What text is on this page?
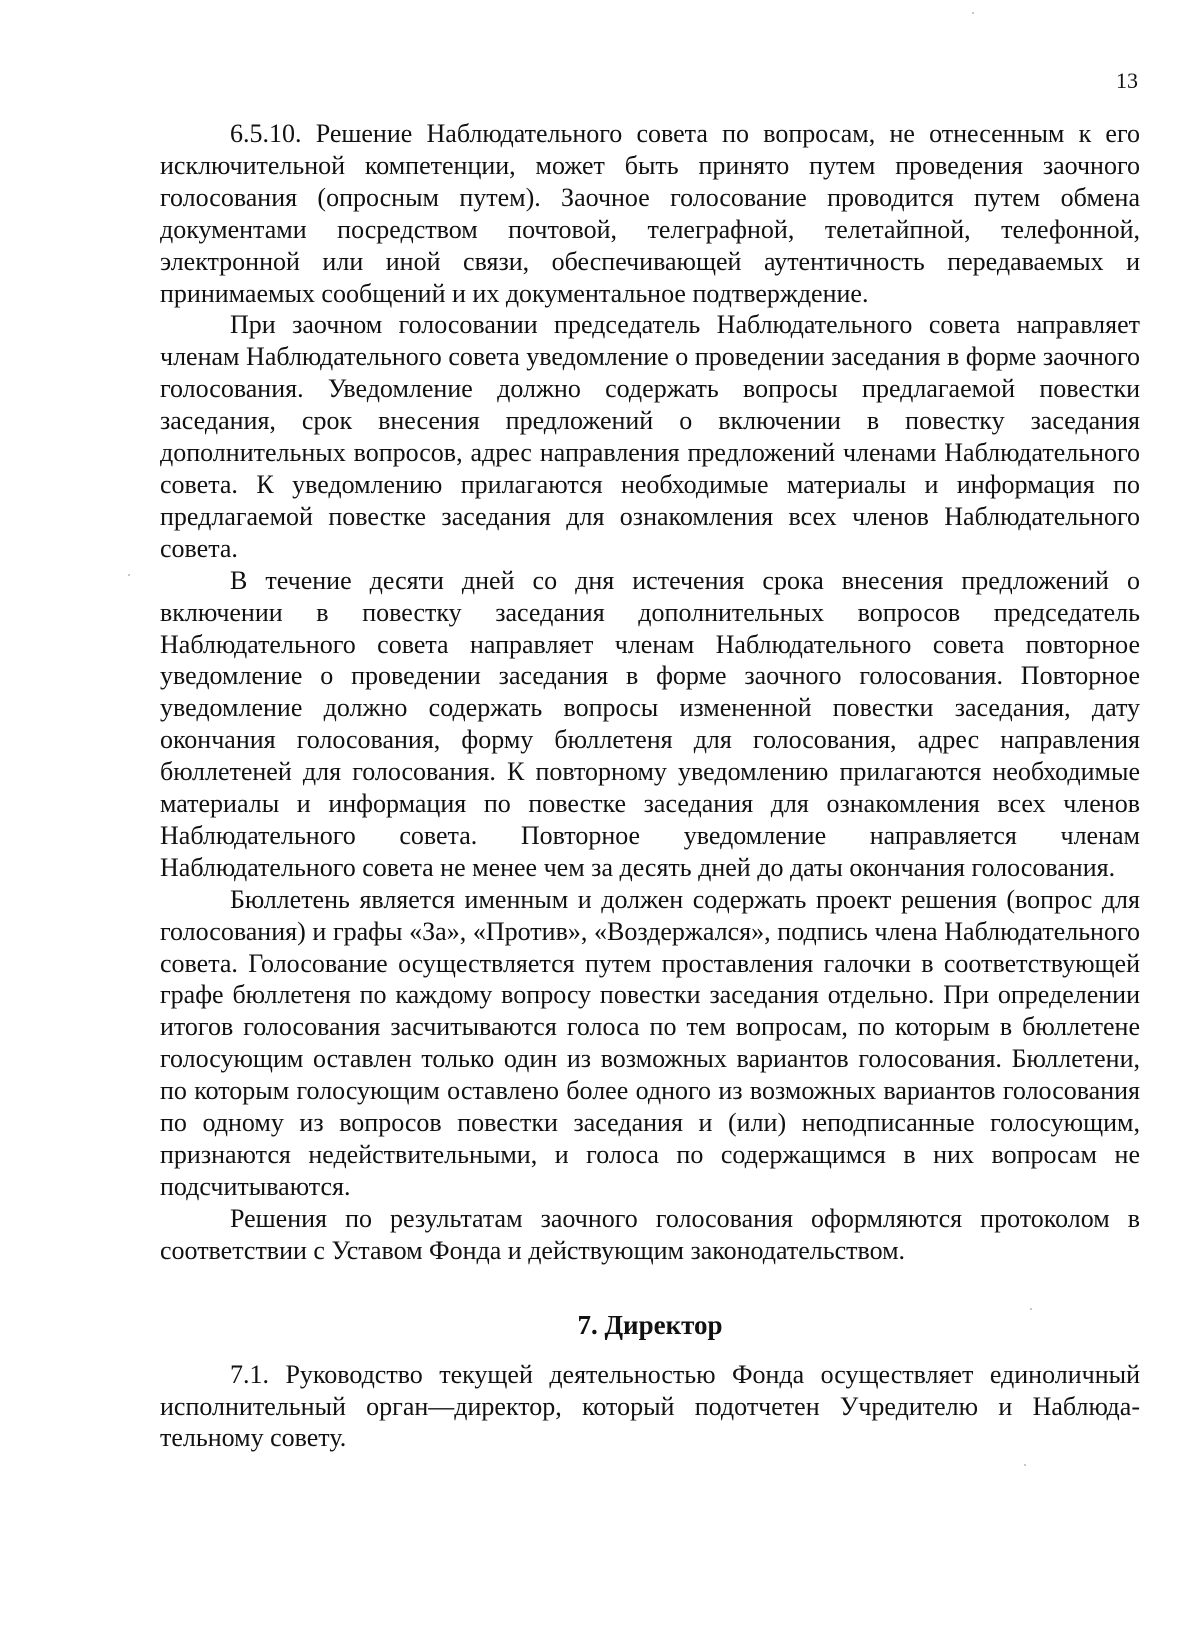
13

6.5.10. Решение Наблюдательного совета по вопросам, не отнесенным к его исключительной компетенции, может быть принято путем проведения заочного голосования (опросным путем). Заочное голосование проводится путем обмена документами посредством почтовой, телеграфной, телетайпной, телефонной, электронной или иной связи, обеспечивающей аутентичность передаваемых и принимаемых сообщений и их документальное подтверждение.

При заочном голосовании председатель Наблюдательного совета направляет членам Наблюдательного совета уведомление о проведении заседания в форме заочного голосования. Уведомление должно содержать вопросы предлагаемой повестки заседания, срок внесения предложений о включении в повестку заседания дополнительных вопросов, адрес направления предложений членами Наблюдательного совета. К уведомлению прилагаются необходимые материалы и информация по предлагаемой повестке заседания для ознакомления всех членов Наблюдательного совета.

В течение десяти дней со дня истечения срока внесения предложений о включении в повестку заседания дополнительных вопросов председатель Наблюдательного совета направляет членам Наблюдательного совета повторное уведомление о проведении заседания в форме заочного голосования. Повторное уведомление должно содержать вопросы измененной повестки заседания, дату окончания голосования, форму бюллетеня для голосования, адрес направления бюллетеней для голосования. К повторному уведомлению прилагаются необходимые материалы и информация по повестке заседания для ознакомления всех членов Наблюдательного совета. Повторное уведомление направляется членам Наблюдательного совета не менее чем за десять дней до даты окончания голосования.

Бюллетень является именным и должен содержать проект решения (вопрос для голосования) и графы «За», «Против», «Воздержался», подпись члена Наблюдательного совета. Голосование осуществляется путем проставления галочки в соответствующей графе бюллетеня по каждому вопросу повестки заседания отдельно. При определении итогов голосования засчитываются голоса по тем вопросам, по которым в бюллетене голосующим оставлен только один из возможных вариантов голосования. Бюллетени, по которым голосующим оставлено более одного из возможных вариантов голосования по одному из вопросов повестки заседания и (или) неподписанные голосующим, признаются недействительными, и голоса по содержащимся в них вопросам не подсчитываются.

Решения по результатам заочного голосования оформляются протоколом в соответствии с Уставом Фонда и действующим законодательством.

7. Директор

7.1. Руководство текущей деятельностью Фонда осуществляет единоличный исполнительный орган—директор, который подотчетен Учредителю и Наблюдательному совету.
